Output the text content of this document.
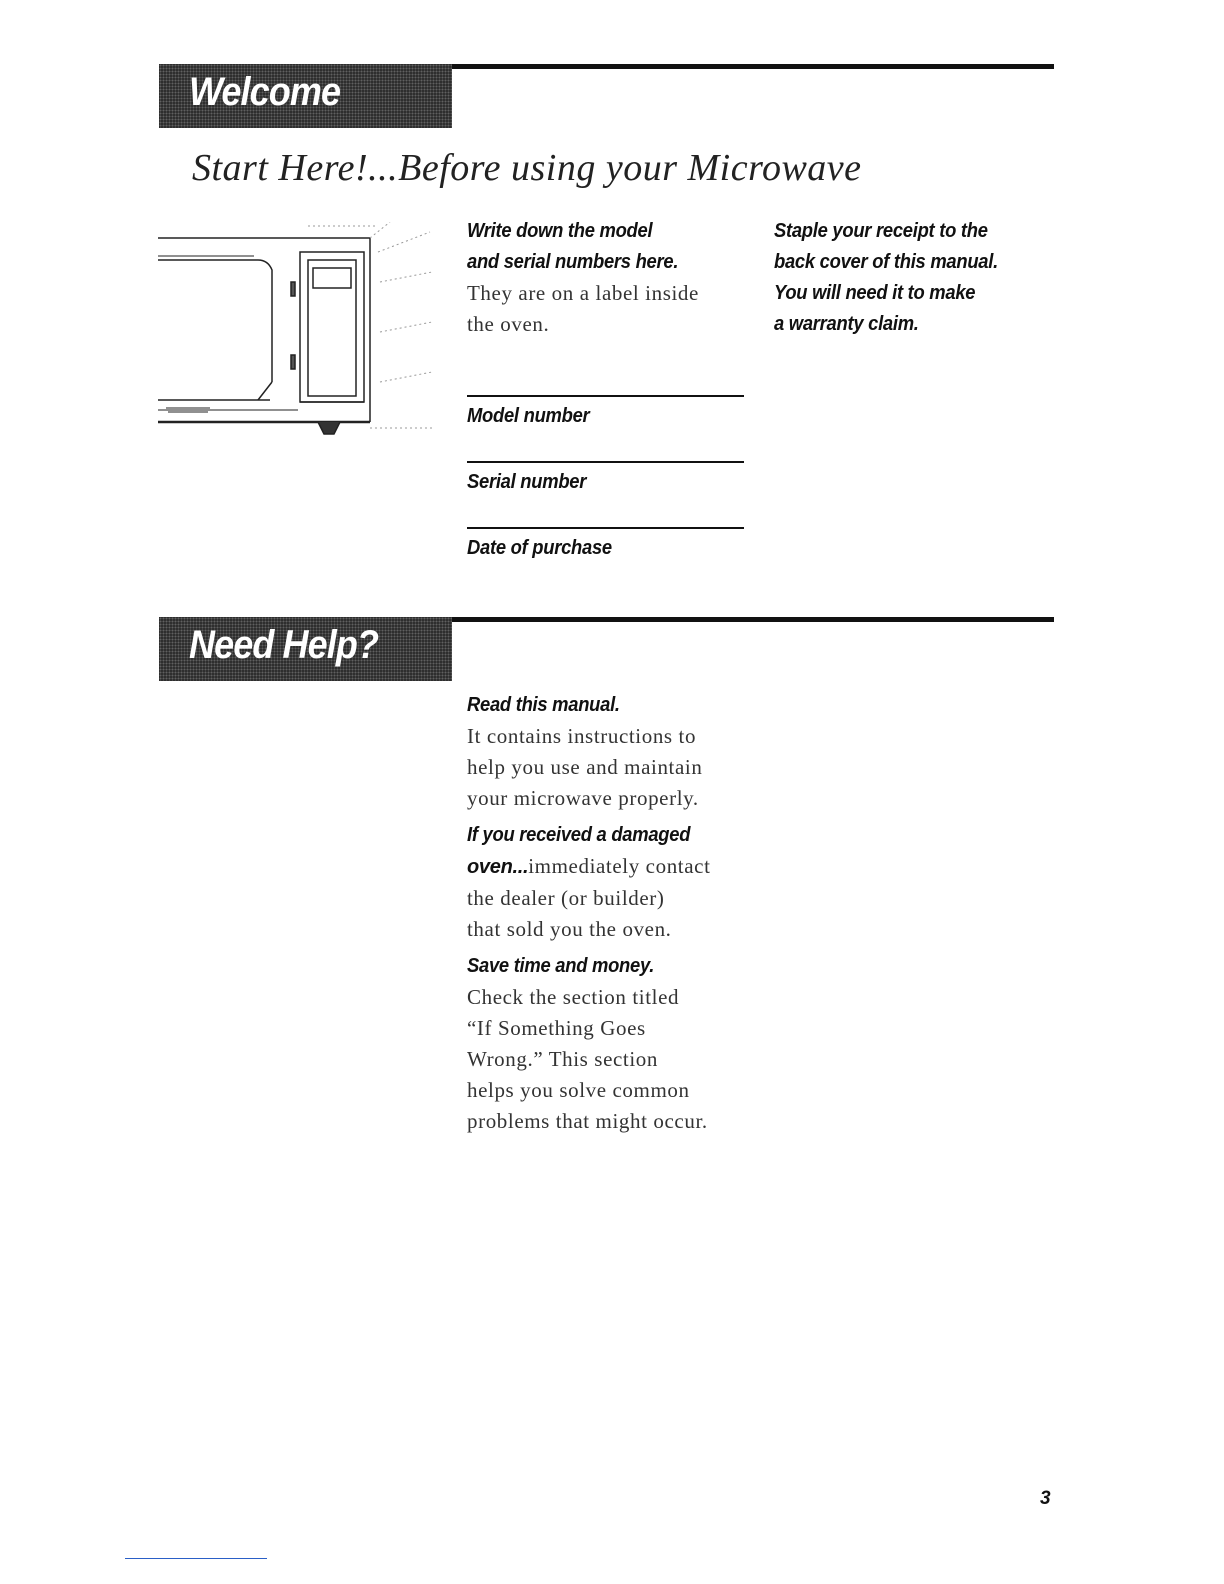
Welcome
Start Here!...Before using your Microwave
Write down the model
and serial numbers here.
They are on a label inside
the oven.
Staple your receipt to the
back cover of this manual.
You will need it to make
a warranty claim.
Model number
Serial number
Date of purchase
Need Help?
Read this manual.
It contains instructions to
help you use and maintain
your microwave properly.
If you received a damaged
oven...immediately contact
the dealer (or builder)
that sold you the oven.
Save time and money.
Check the section titled
“If Something Goes
Wrong.” This section
helps you solve common
problems that might occur.
3
